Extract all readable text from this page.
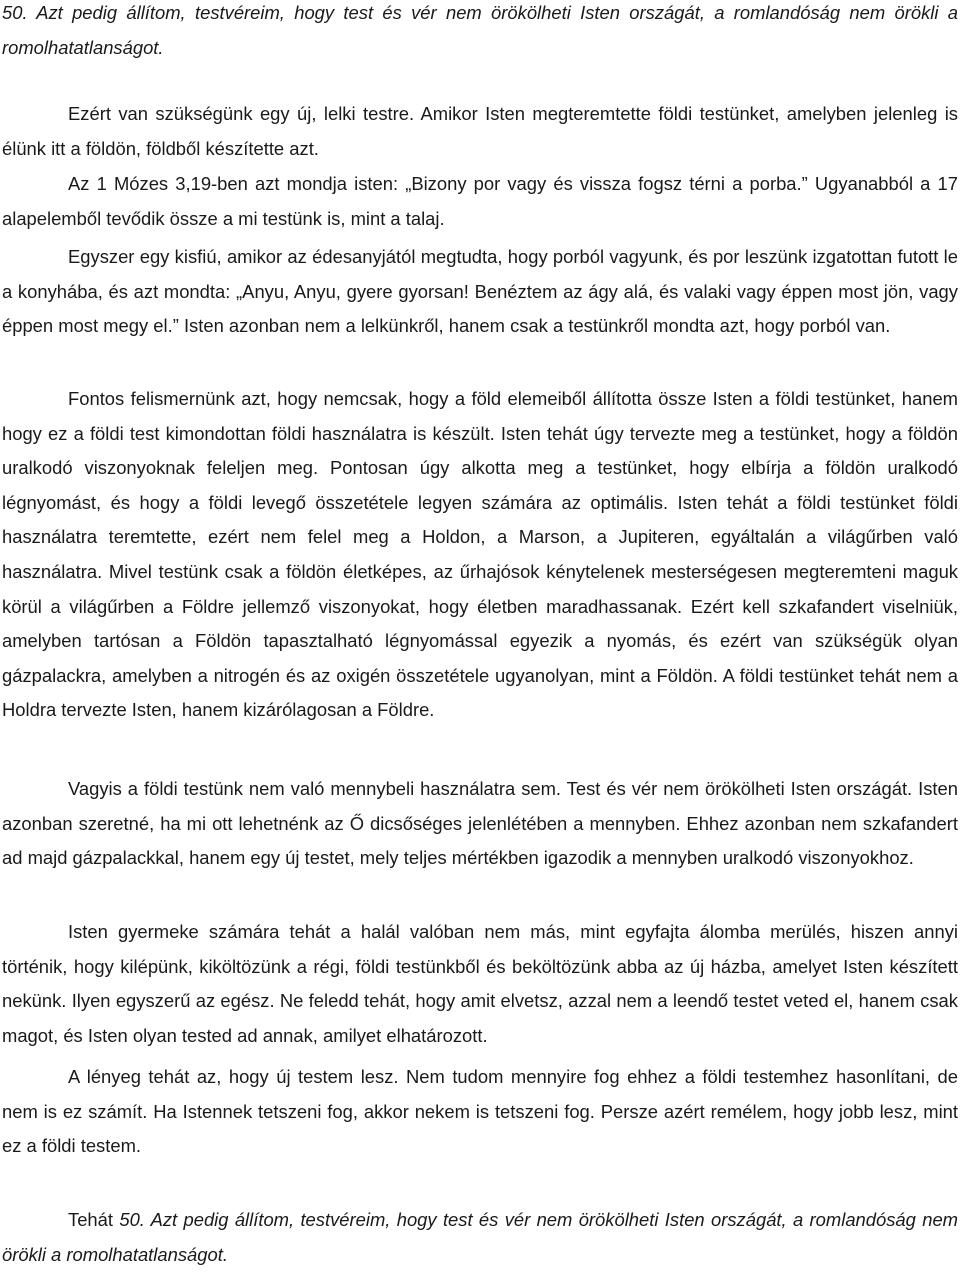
50. Azt pedig állítom, testvéreim, hogy test és vér nem örökölheti Isten országát, a romlandóság nem örökli a romolhatatlanságot.

Ezért van szükségünk egy új, lelki testre. Amikor Isten megteremtette földi testünket, amelyben jelenleg is élünk itt a földön, földből készítette azt.

Az 1 Mózes 3,19-ben azt mondja isten: „Bizony por vagy és vissza fogsz térni a porba.” Ugyanabból a 17 alapelemből tevődik össze a mi testünk is, mint a talaj.

Egyszer egy kisfiú, amikor az édesanyjától megtudta, hogy porból vagyunk, és por leszünk izgatottan futott le a konyhába, és azt mondta: „Anyu, Anyu, gyere gyorsan! Benéztem az ágy alá, és valaki vagy éppen most jön, vagy éppen most megy el.” Isten azonban nem a lelkünkről, hanem csak a testünkről mondta azt, hogy porból van.

Fontos felismernünk azt, hogy nemcsak, hogy a föld elemeiből állította össze Isten a földi testünket, hanem hogy ez a földi test kimondottan földi használatra is készült. Isten tehát úgy tervezte meg a testünket, hogy a földön uralkodó viszonyoknak feleljen meg. Pontosan úgy alkotta meg a testünket, hogy elbírja a földön uralkodó légnyomást, és hogy a földi levegő összetétele legyen számára az optimális. Isten tehát a földi testünket földi használatra teremtette, ezért nem felel meg a Holdon, a Marson, a Jupiteren, egyáltalán a világűrben való használatra. Mivel testünk csak a földön életképes, az űrhajósok kénytelenek mesterségesen megteremteni maguk körül a világűrben a Földre jellemző viszonyokat, hogy életben maradhassanak. Ezért kell szkafandert viselniük, amelyben tartósan a Földön tapasztalható légnyomással egyezik a nyomás, és ezért van szükségük olyan gázpalackra, amelyben a nitrogén és az oxigén összetétele ugyanolyan, mint a Földön. A földi testünket tehát nem a Holdra tervezte Isten, hanem kizárólagosan a Földre.

Vagyis a földi testünk nem való mennybeli használatra sem. Test és vér nem örökölheti Isten országát. Isten azonban szeretné, ha mi ott lehetnénk az Ő dicsőséges jelenlétében a mennyben. Ehhez azonban nem szkafandert ad majd gázpalackkal, hanem egy új testet, mely teljes mértékben igazodik a mennyben uralkodó viszonyokhoz.

Isten gyermeke számára tehát a halál valóban nem más, mint egyfajta álomba merülés, hiszen annyi történik, hogy kilépünk, kiköltözünk a régi, földi testünkből és beköltözünk abba az új házba, amelyet Isten készített nekünk. Ilyen egyszerű az egész. Ne feledd tehát, hogy amit elvetsz, azzal nem a leendő testet veted el, hanem csak magot, és Isten olyan tested ad annak, amilyet elhatározott.

A lényeg tehát az, hogy új testem lesz. Nem tudom mennyire fog ehhez a földi testemhez hasonlítani, de nem is ez számít. Ha Istennek tetszeni fog, akkor nekem is tetszeni fog. Persze azért remélem, hogy jobb lesz, mint ez a földi testem.

Tehát 50. Azt pedig állítom, testvéreim, hogy test és vér nem örökölheti Isten országát, a romlandóság nem örökli a romolhatatlanságot.
